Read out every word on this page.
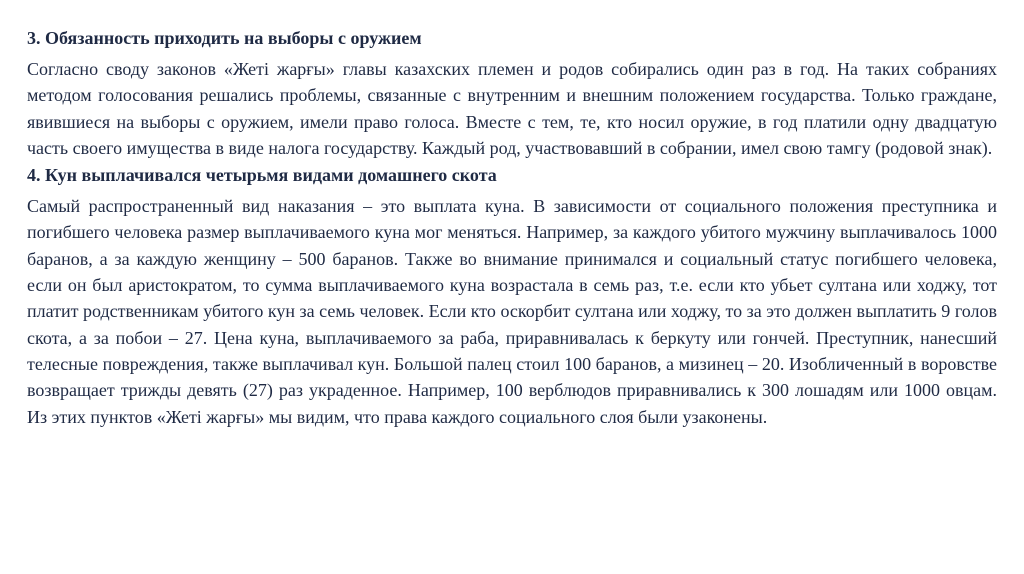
3. Обязанность приходить на выборы с оружием

Согласно своду законов «Жеті жарғы» главы казахских племен и родов собирались один раз в год. На таких собраниях методом голосования решались проблемы, связанные с внутренним и внешним положением государства. Только граждане, явившиеся на выборы с оружием, имели право голоса. Вместе с тем, те, кто носил оружие, в год платили одну двадцатую часть своего имущества в виде налога государству. Каждый род, участвовавший в собрании, имел свою тамгу (родовой знак).

4. Кун выплачивался четырьмя видами домашнего скота

Самый распространенный вид наказания – это выплата куна. В зависимости от социального положения преступника и погибшего человека размер выплачиваемого куна мог меняться. Например, за каждого убитого мужчину выплачивалось 1000 баранов, а за каждую женщину – 500 баранов. Также во внимание принимался и социальный статус погибшего человека, если он был аристократом, то сумма выплачиваемого куна возрастала в семь раз, т.е. если кто убьет султана или ходжу, тот платит родственникам убитого кун за семь человек. Если кто оскорбит султана или ходжу, то за это должен выплатить 9 голов скота, а за побои – 27. Цена куна, выплачиваемого за раба, приравнивалась к беркуту или гончей. Преступник, нанесший телесные повреждения, также выплачивал кун. Большой палец стоил 100 баранов, а мизинец – 20. Изобличенный в воровстве возвращает трижды девять (27) раз украденное. Например, 100 верблюдов приравнивались к 300 лошадям или 1000 овцам. Из этих пунктов «Жеті жарғы» мы видим, что права каждого социального слоя были узаконены.
